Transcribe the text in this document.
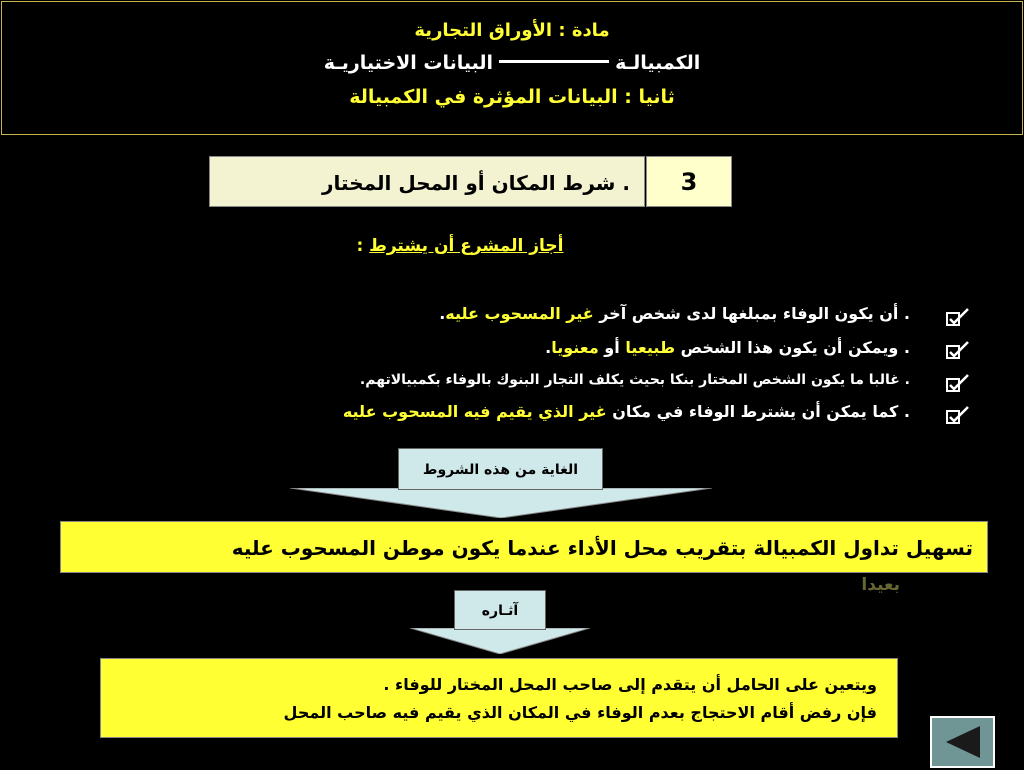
مادة : الأوراق التجارية
الكمبيالـةالبيانات الاختياريـة
ثانيا : البيانات المؤثرة في الكمبيالة
. شرط المكان أو المحل المختار	3
أجاز المشرع أن يشترط :
. أن يكون الوفاء بمبلغها لدى شخص آخر غير المسحوب عليه.
. ويمكن أن يكون هذا الشخص طبيعيا أو معنويا.
. غالبا ما يكون الشخص المختار بنكا بحيث يكلف التجار البنوك بالوفاء بكمبيالاتهم.
. كما يمكن أن يشترط الوفاء في مكان غير الذي يقيم فيه المسحوب عليه
الغاية من هذه الشروط
تسهيل تداول الكمبيالة بتقريب محل الأداء عندما يكون موطن المسحوب عليه
بعيدا
آثـاره
ويتعين على الحامل أن يتقدم إلى صاحب المحل المختار للوفاء .
فإن رفض أقام الاحتجاج بعدم الوفاء في المكان الذي يقيم فيه صاحب المحل
